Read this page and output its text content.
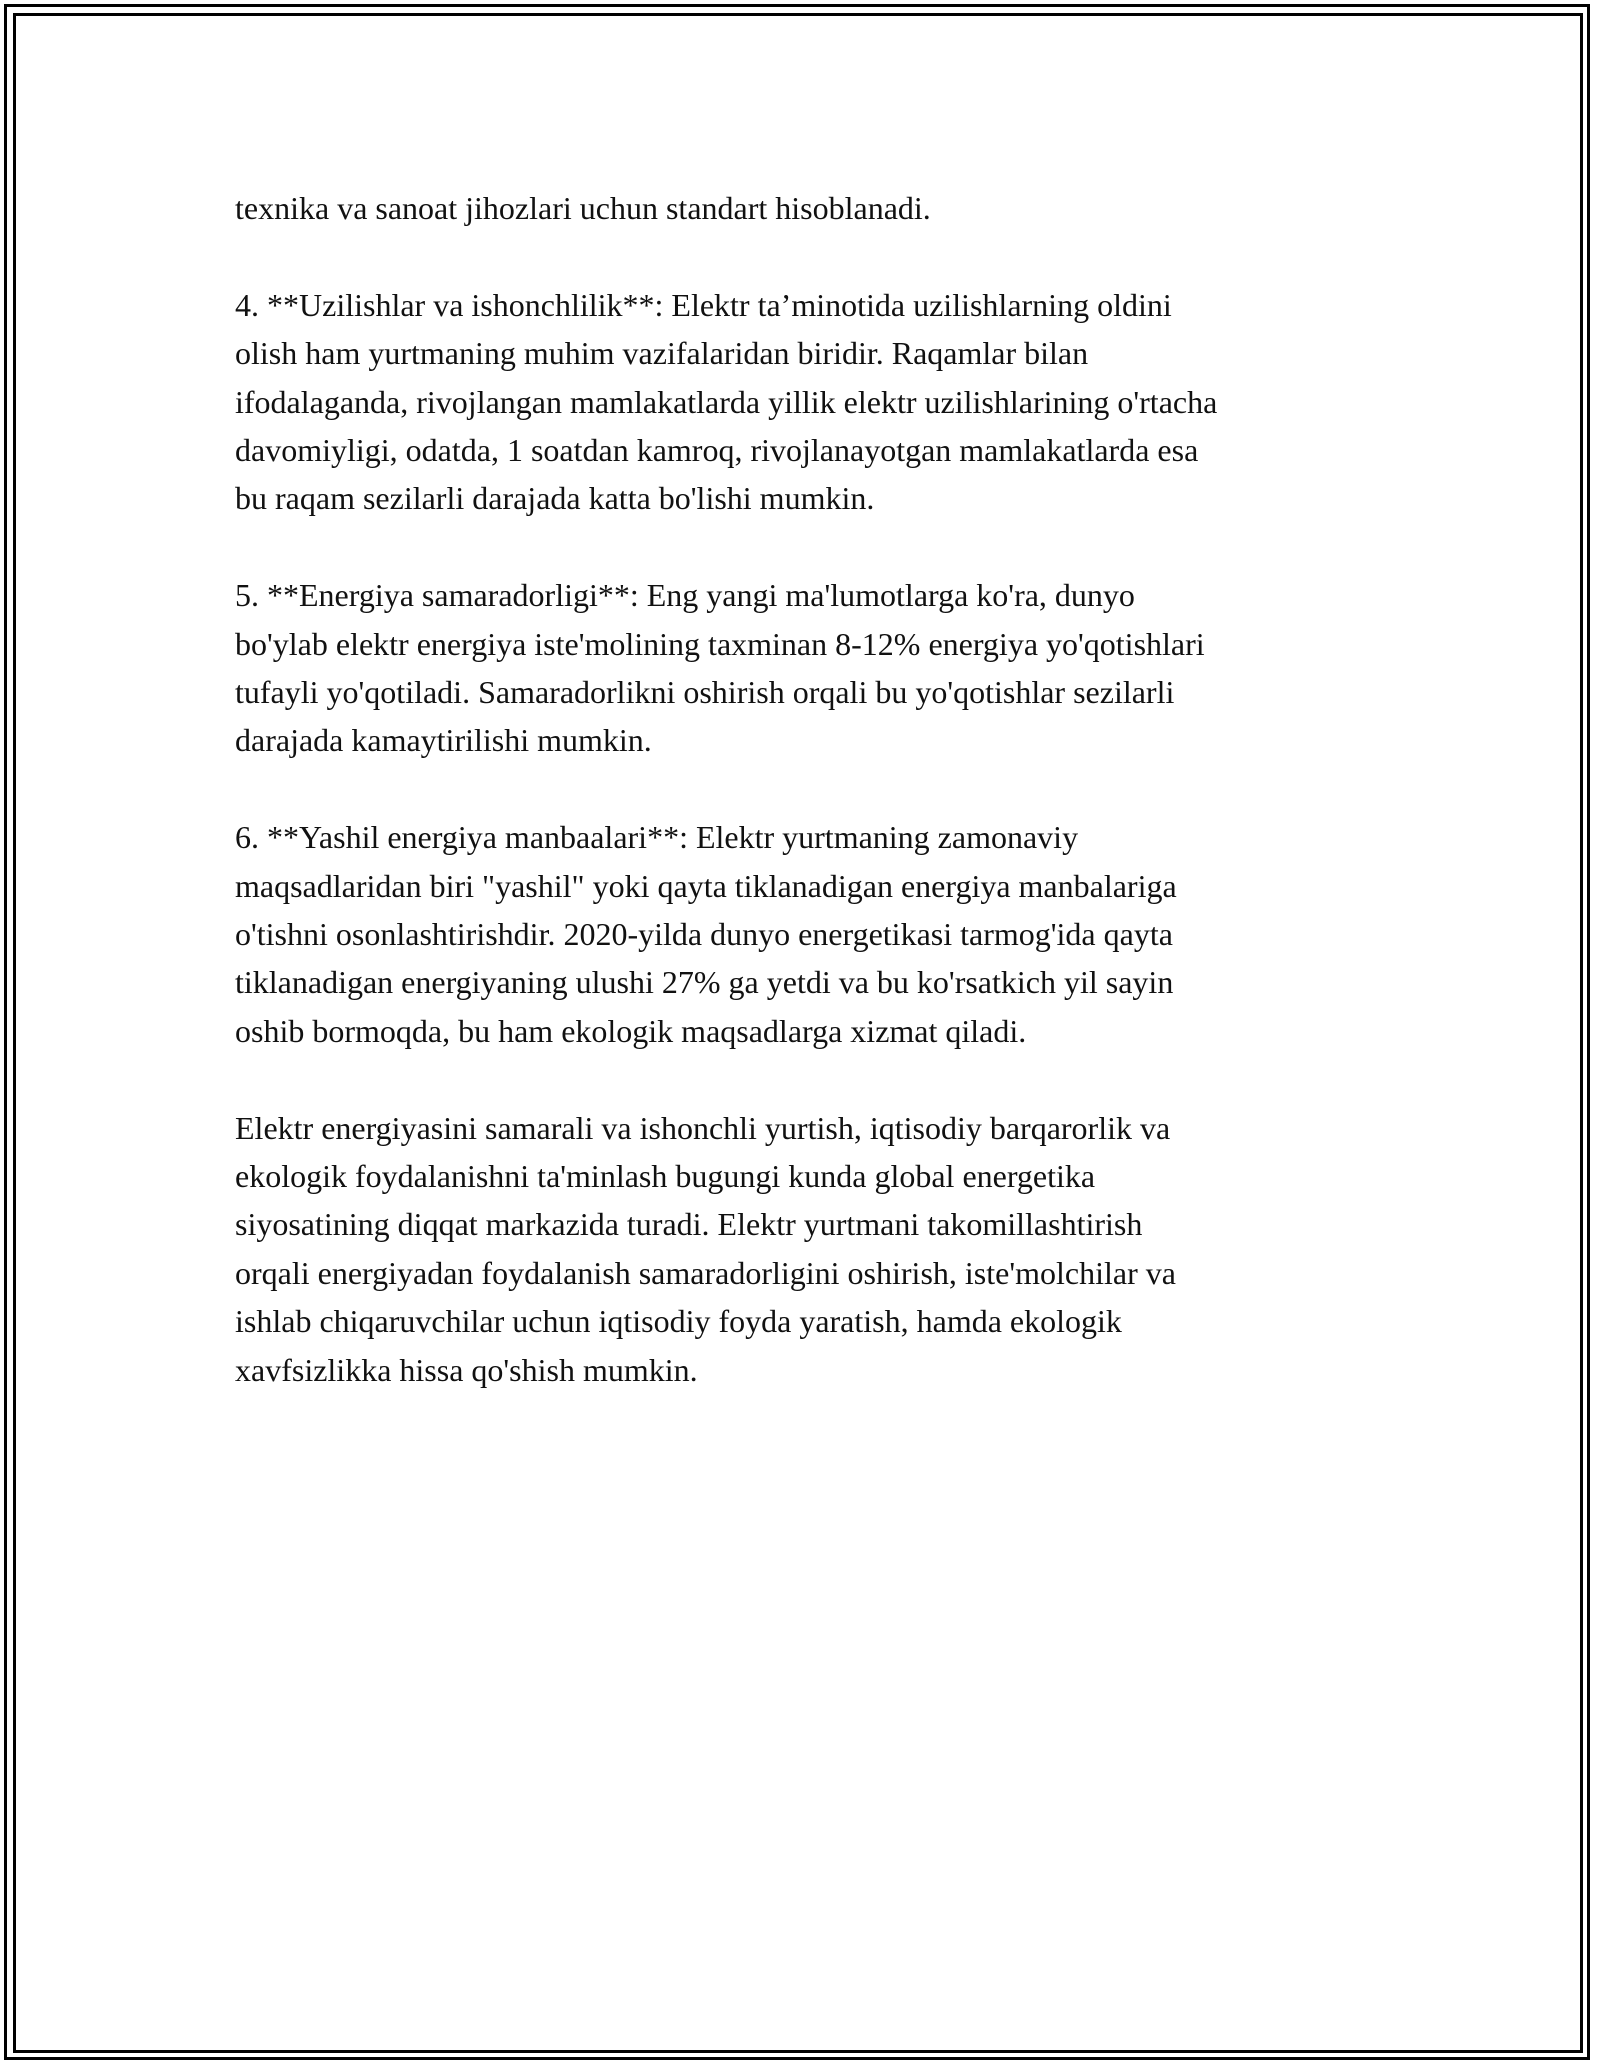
texnika va sanoat jihozlari uchun standart hisoblanadi.

4. **Uzilishlar va ishonchlilik**: Elektr ta’minotida uzilishlarning oldini
olish ham yurtmaning muhim vazifalaridan biridir. Raqamlar bilan
ifodalaganda, rivojlangan mamlakatlarda yillik elektr uzilishlarining o'rtacha
davomiyligi, odatda, 1 soatdan kamroq, rivojlanayotgan mamlakatlarda esa
bu raqam sezilarli darajada katta bo'lishi mumkin.

5. **Energiya samaradorligi**: Eng yangi ma'lumotlarga ko'ra, dunyo
bo'ylab elektr energiya iste'molining taxminan 8-12% energiya yo'qotishlari
tufayli yo'qotiladi. Samaradorlikni oshirish orqali bu yo'qotishlar sezilarli
darajada kamaytirilishi mumkin.

6. **Yashil energiya manbaalari**: Elektr yurtmaning zamonaviy
maqsadlaridan biri "yashil" yoki qayta tiklanadigan energiya manbalariga
o'tishni osonlashtirishdir. 2020-yilda dunyo energetikasi tarmog'ida qayta
tiklanadigan energiyaning ulushi 27% ga yetdi va bu ko'rsatkich yil sayin
oshib bormoqda, bu ham ekologik maqsadlarga xizmat qiladi.

Elektr energiyasini samarali va ishonchli yurtish, iqtisodiy barqarorlik va
ekologik foydalanishni ta'minlash bugungi kunda global energetika
siyosatining diqqat markazida turadi. Elektr yurtmani takomillashtirish
orqali energiyadan foydalanish samaradorligini oshirish, iste'molchilar va
ishlab chiqaruvchilar uchun iqtisodiy foyda yaratish, hamda ekologik
xavfsizlikka hissa qo'shish mumkin.
